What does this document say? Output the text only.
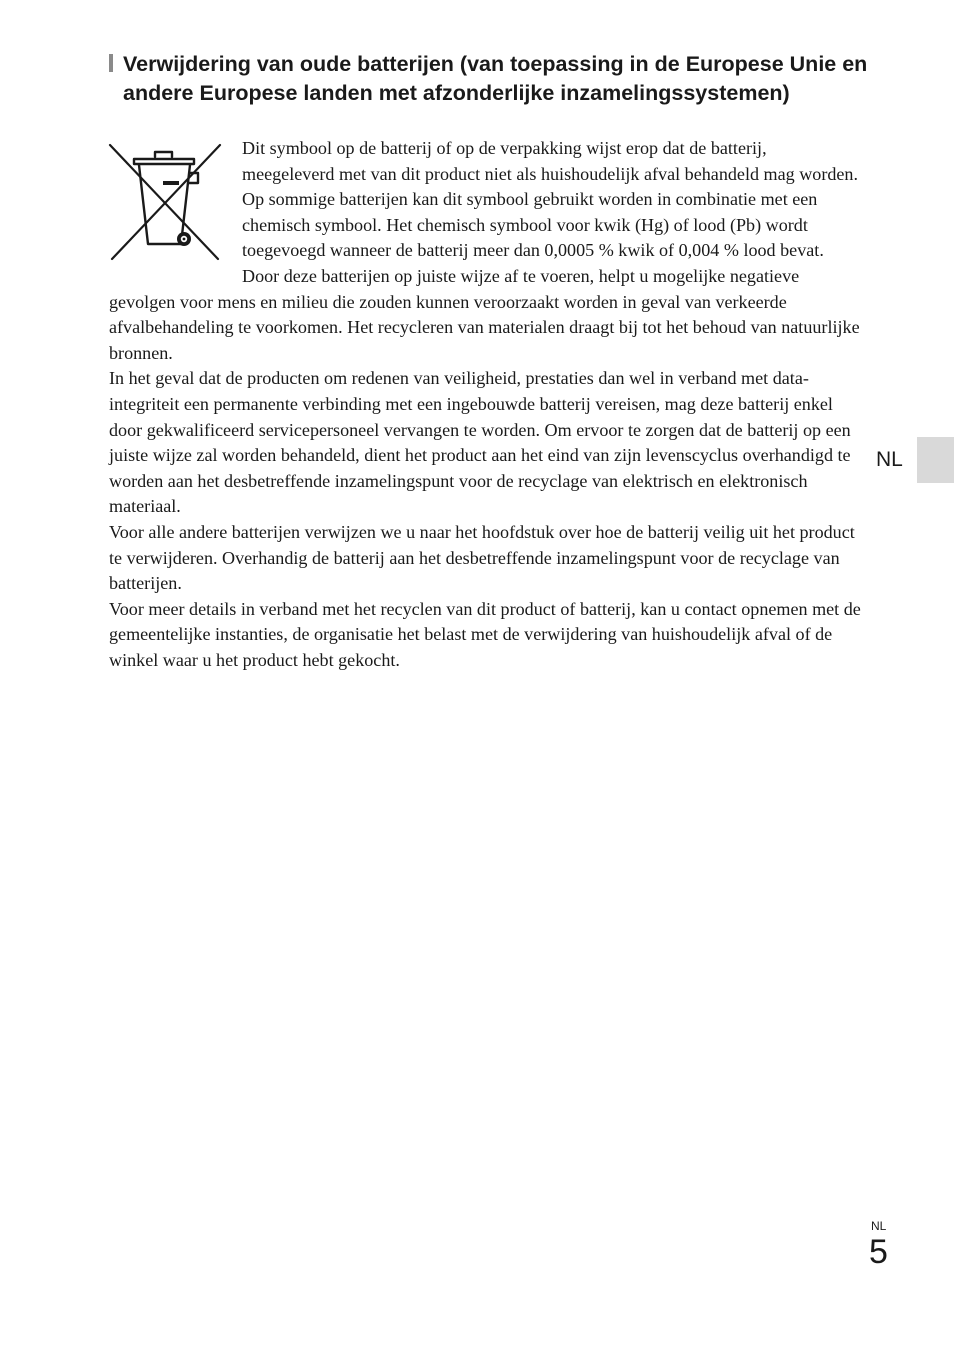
Verwijdering van oude batterijen (van toepassing in de Europese Unie en andere Europese landen met afzonderlijke inzamelingssystemen)

Dit symbool op de batterij of op de verpakking wijst erop dat de batterij, meegeleverd met van dit product niet als huishoudelijk afval behandeld mag worden.

Op sommige batterijen kan dit symbool gebruikt worden in combinatie met een chemisch symbool. Het chemisch symbool voor kwik (Hg) of lood (Pb) wordt toegevoegd wanneer de batterij meer dan 0,0005 % kwik of 0,004 % lood bevat.

Door deze batterijen op juiste wijze af te voeren, helpt u mogelijke negatieve gevolgen voor mens en milieu die zouden kunnen veroorzaakt worden in geval van verkeerde afvalbehandeling te voorkomen. Het recycleren van materialen draagt bij tot het behoud van natuurlijke bronnen.

In het geval dat de producten om redenen van veiligheid, prestaties dan wel in verband met data-integriteit een permanente verbinding met een ingebouwde batterij vereisen, mag deze batterij enkel door gekwalificeerd servicepersoneel vervangen te worden. Om ervoor te zorgen dat de batterij op een juiste wijze zal worden behandeld, dient het product aan het eind van zijn levenscyclus overhandigd te worden aan het desbetreffende inzamelingspunt voor de recyclage van elektrisch en elektronisch materiaal.

Voor alle andere batterijen verwijzen we u naar het hoofdstuk over hoe de batterij veilig uit het product te verwijderen. Overhandig de batterij aan het desbetreffende inzamelingspunt voor de recyclage van batterijen.

Voor meer details in verband met het recyclen van dit product of batterij, kan u contact opnemen met de gemeentelijke instanties, de organisatie het belast met de verwijdering van huishoudelijk afval of de winkel waar u het product hebt gekocht.

NL
NL
5
